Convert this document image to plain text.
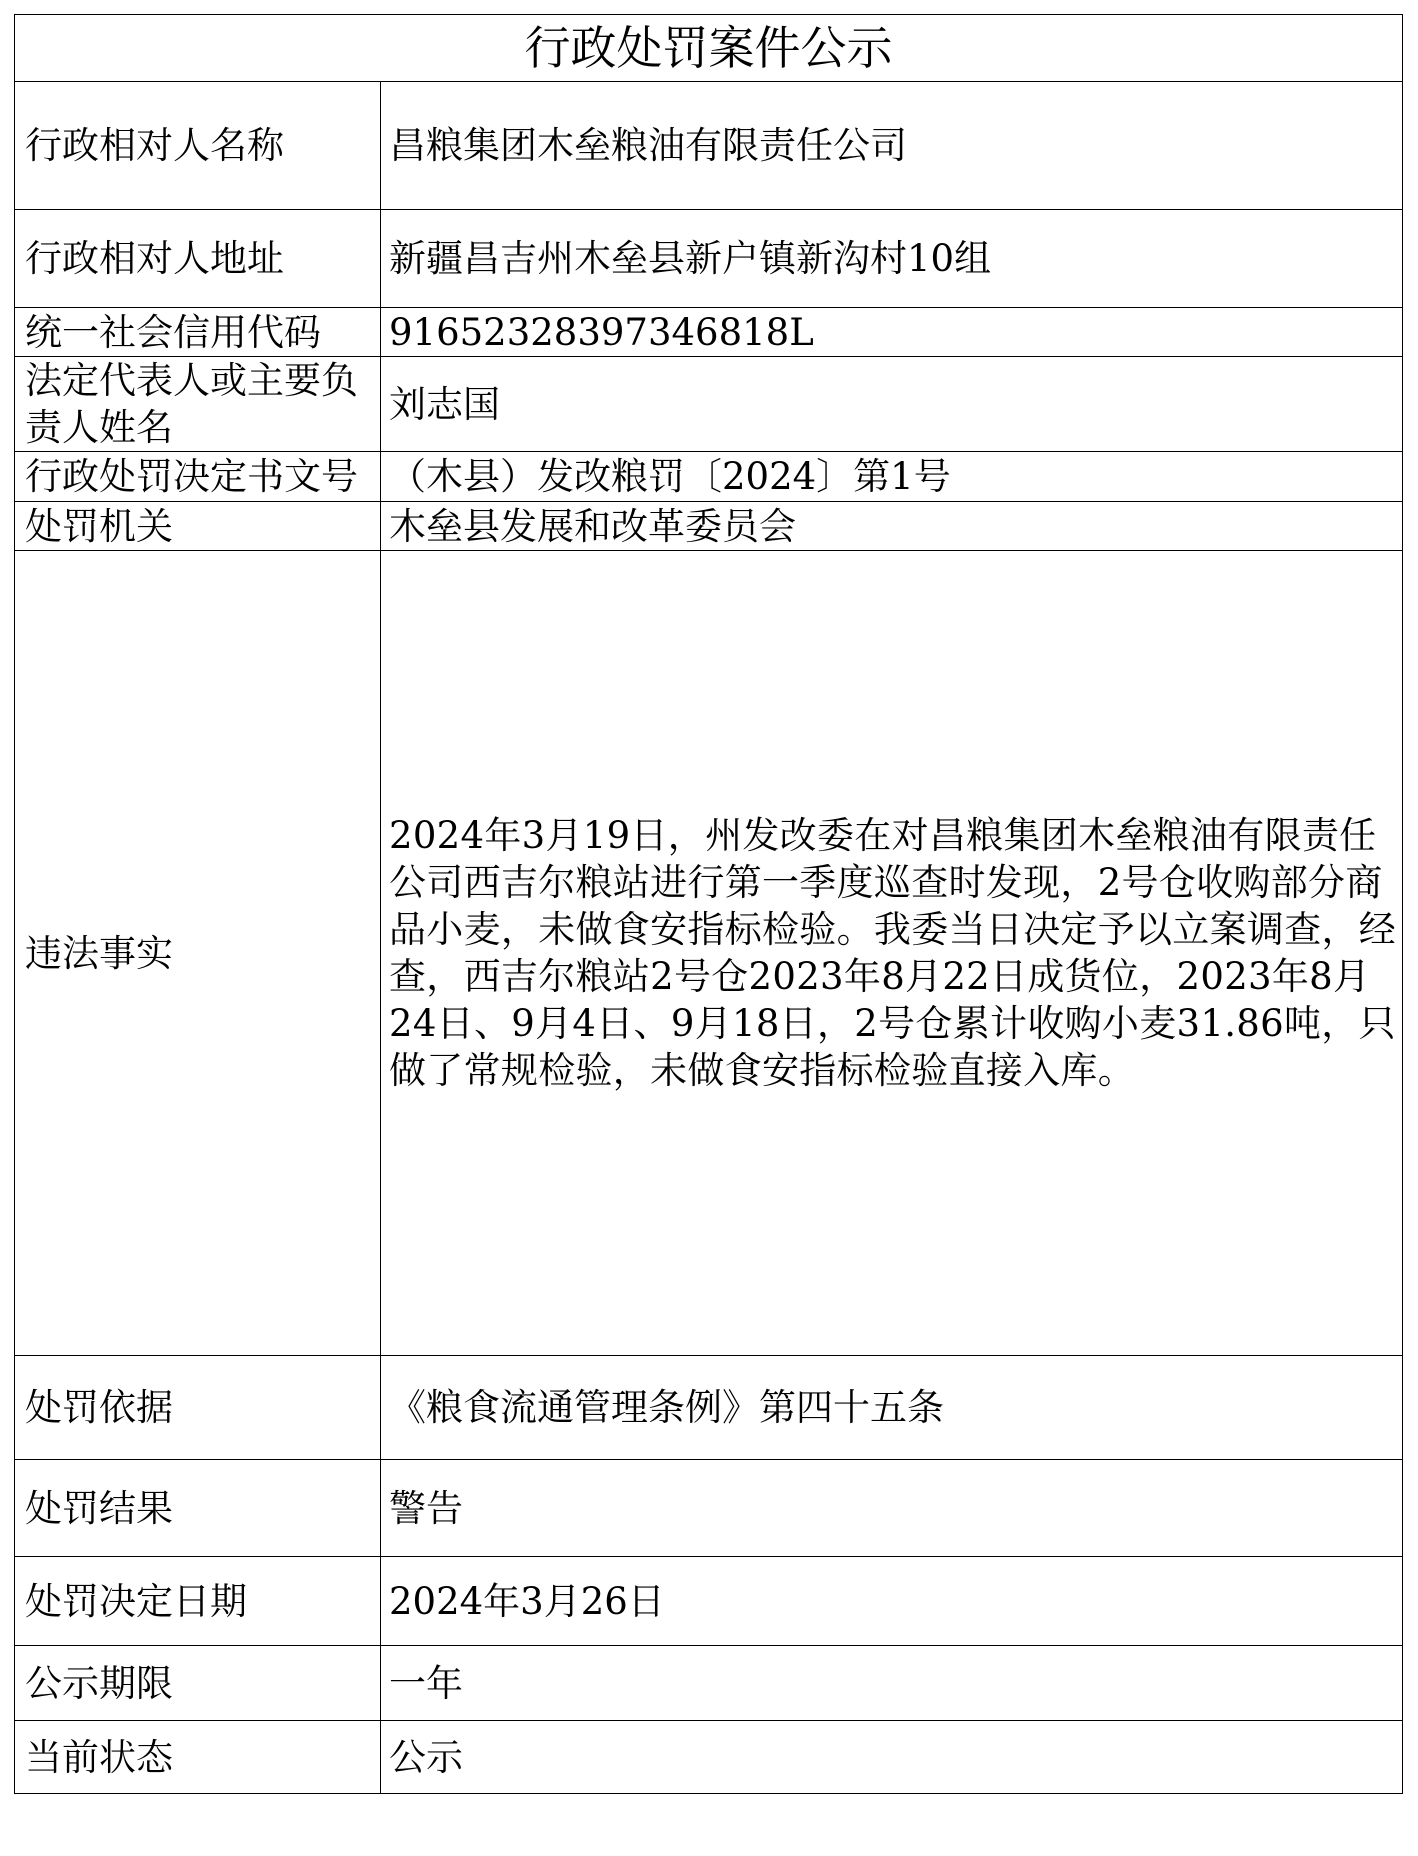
行政处罚案件公示	
行政相对人名称	昌粮集团木垒粮油有限责任公司
行政相对人地址	新疆昌吉州木垒县新户镇新沟村10组
统一社会信用代码	91652328397346818L
法定代表人或主要负责人姓名	刘志国
行政处罚决定书文号	（木县）发改粮罚〔2024〕第1号
处罚机关	木垒县发展和改革委员会
违法事实	2024年3月19日，州发改委在对昌粮集团木垒粮油有限责任公司西吉尔粮站进行第一季度巡查时发现，2号仓收购部分商品小麦，未做食安指标检验。我委当日决定予以立案调查，经查，西吉尔粮站2号仓2023年8月22日成货位，2023年8月24日、9月4日、9月18日，2号仓累计收购小麦31.86吨，只做了常规检验，未做食安指标检验直接入库。
处罚依据	《粮食流通管理条例》第四十五条
处罚结果	警告
处罚决定日期	2024年3月26日
公示期限	一年
当前状态	公示
